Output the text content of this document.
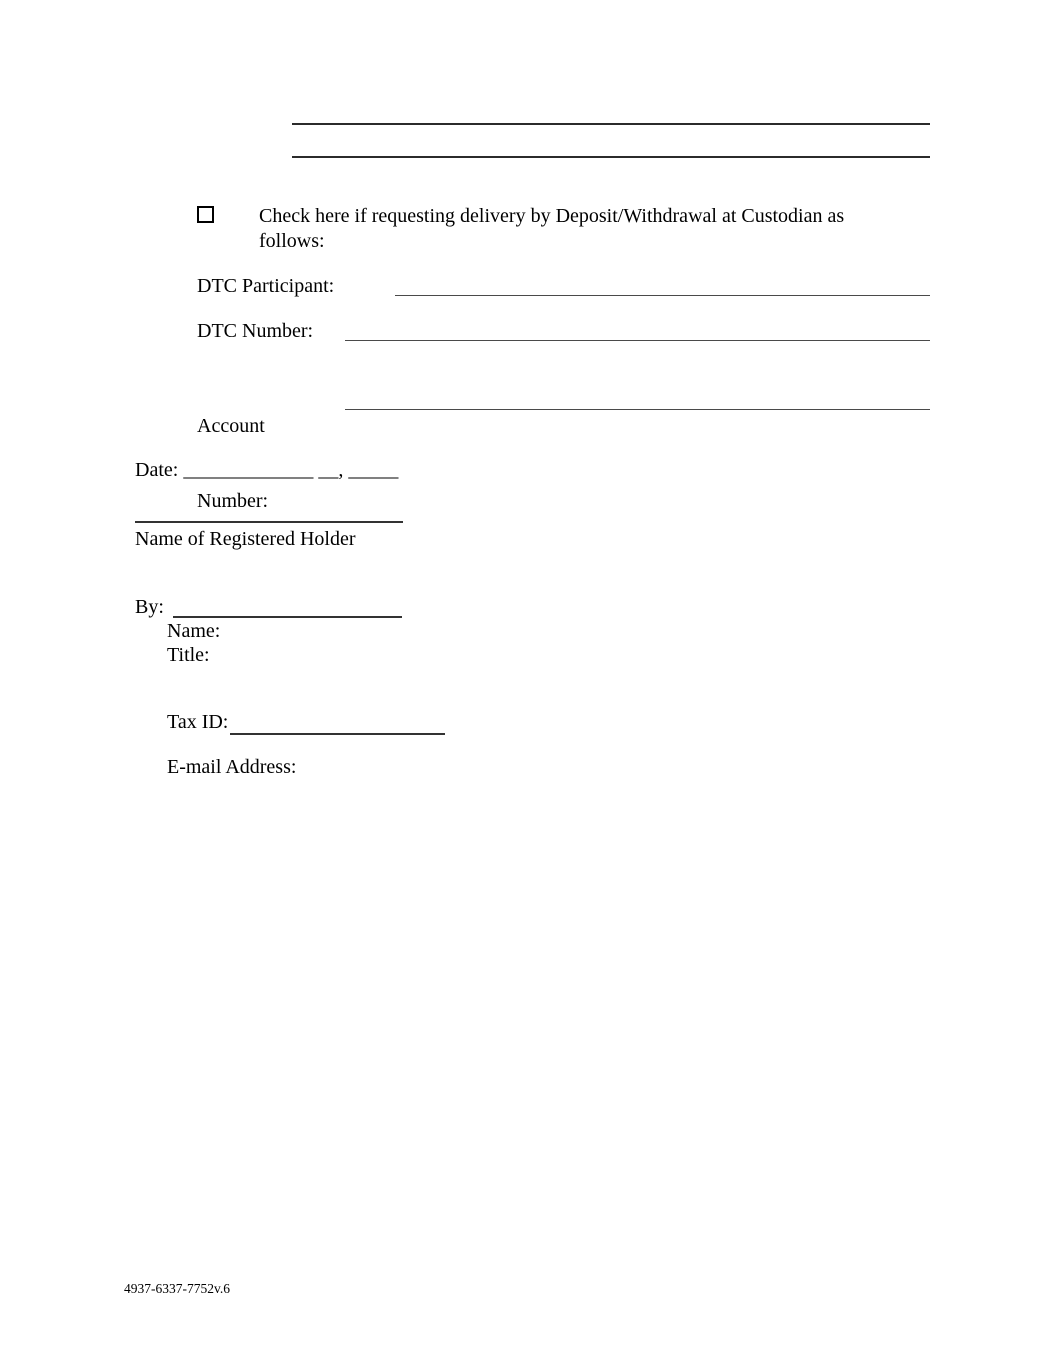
Check here if requesting delivery by Deposit/Withdrawal at Custodian as follows:
DTC Participant:
DTC Number:

Account

Number:

Date: _____________ __, _____
Name of Registered Holder
By:
Name:
Title:
Tax ID:
E-mail Address:
4937-6337-7752v.6
